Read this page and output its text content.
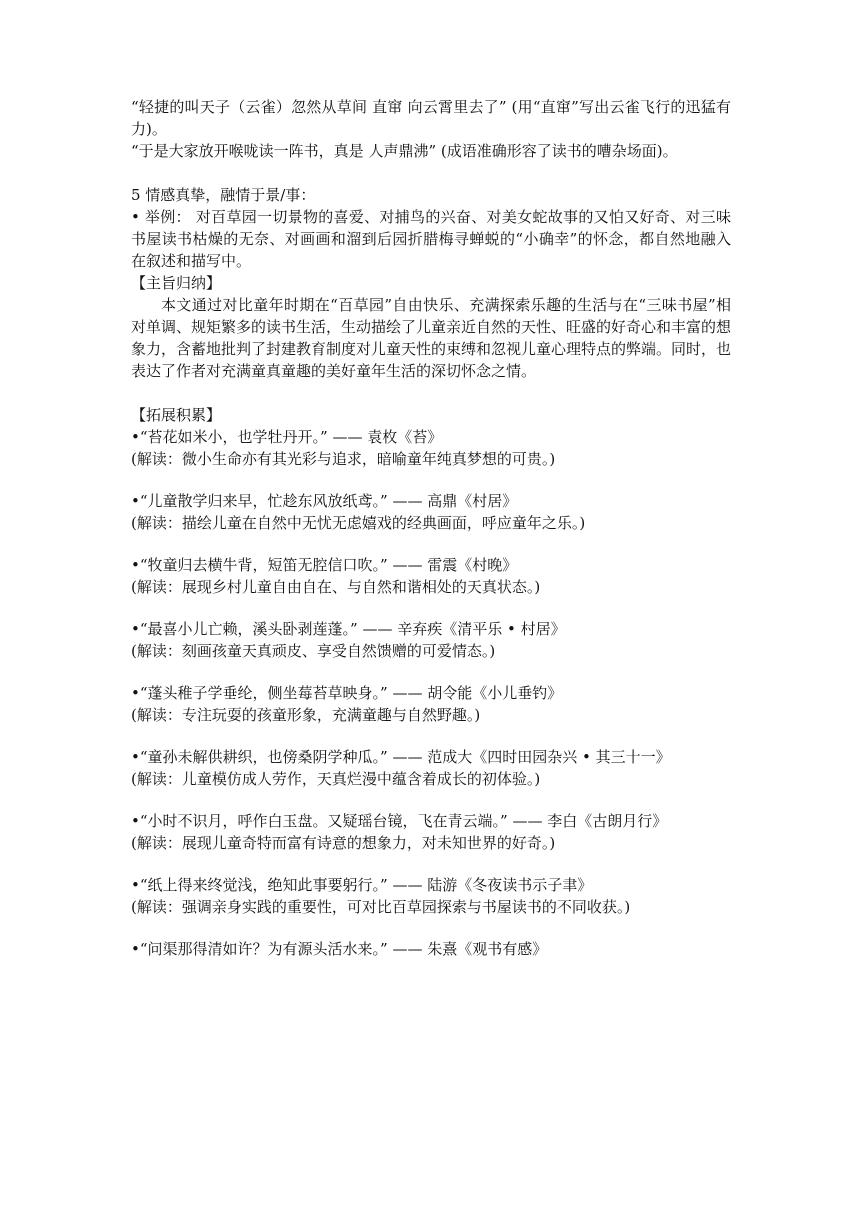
“轻捷的叫天子（云雀）忽然从草间 直窜 向云霄里去了” (用“直窜”写出云雀飞行的迅猛有力)。

“于是大家放开喉咙读一阵书，真是 人声鼎沸” (成语准确形容了读书的嘈杂场面)。

5 情感真挚，融情于景/事：

• 举例： 对百草园一切景物的喜爱、对捕鸟的兴奋、对美女蛇故事的又怕又好奇、对三味书屋读书枯燥的无奈、对画画和溜到后园折腊梅寻蝉蜕的“小确幸”的怀念，都自然地融入在叙述和描写中。

【主旨归纳】

本文通过对比童年时期在“百草园”自由快乐、充满探索乐趣的生活与在“三味书屋”相对单调、规矩繁多的读书生活，生动描绘了儿童亲近自然的天性、旺盛的好奇心和丰富的想象力，含蓄地批判了封建教育制度对儿童天性的束缚和忽视儿童心理特点的弊端。同时，也表达了作者对充满童真童趣的美好童年生活的深切怀念之情。

【拓展积累】

•“苔花如米小，也学牡丹开。” —— 袁枚《苔》

(解读：微小生命亦有其光彩与追求，暗喻童年纯真梦想的可贵。)

•“儿童散学归来早，忙趁东风放纸鸢。” —— 高鼎《村居》

(解读：描绘儿童在自然中无忧无虑嬉戏的经典画面，呼应童年之乐。)

•“牧童归去横牛背，短笛无腔信口吹。” —— 雷震《村晚》

(解读：展现乡村儿童自由自在、与自然和谐相处的天真状态。)

•“最喜小儿亡赖，溪头卧剥莲蓬。” —— 辛弃疾《清平乐 • 村居》

(解读：刻画孩童天真顽皮、享受自然馈赠的可爱情态。)

•“蓬头稚子学垂纶，侧坐莓苔草映身。” —— 胡令能《小儿垂钓》

(解读：专注玩耍的孩童形象，充满童趣与自然野趣。)

•“童孙未解供耕织，也傍桑阴学种瓜。” —— 范成大《四时田园杂兴 • 其三十一》

(解读：儿童模仿成人劳作，天真烂漫中蕴含着成长的初体验。)

•“小时不识月，呼作白玉盘。又疑瑶台镜，飞在青云端。” —— 李白《古朗月行》

(解读：展现儿童奇特而富有诗意的想象力，对未知世界的好奇。)

•“纸上得来终觉浅，绝知此事要躬行。” —— 陆游《冬夜读书示子聿》

(解读：强调亲身实践的重要性，可对比百草园探索与书屋读书的不同收获。)

•“问渠那得清如许？为有源头活水来。” —— 朱熹《观书有感》
